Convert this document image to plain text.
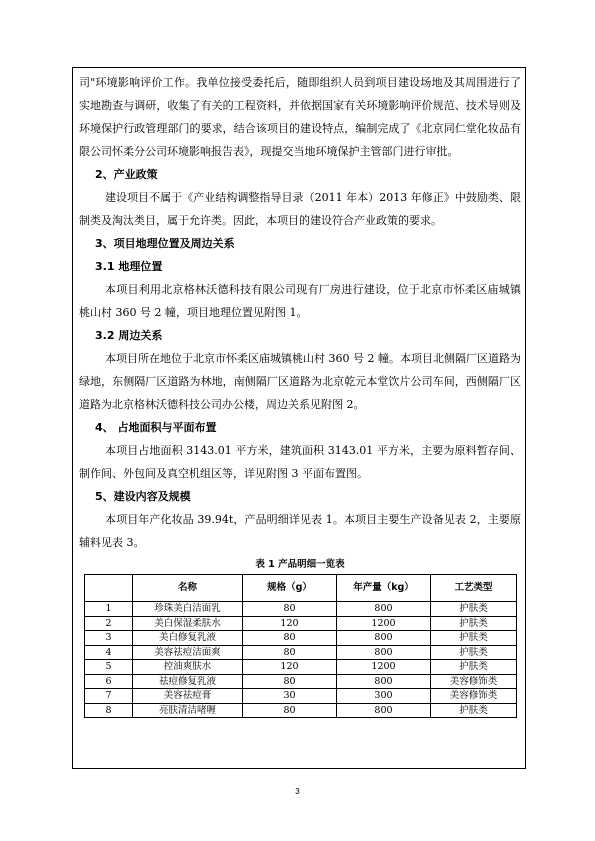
司"环境影响评价工作。我单位接受委托后，随即组织人员到项目建设场地及其周围进行了实地勘查与调研，收集了有关的工程资料，并依据国家有关环境影响评价规范、技术导则及环境保护行政管理部门的要求，结合该项目的建设特点，编制完成了《北京同仁堂化妆品有限公司怀柔分公司环境影响报告表》，现提交当地环境保护主管部门进行审批。

2、产业政策

建设项目不属于《产业结构调整指导目录（2011 年本）2013 年修正》中鼓励类、限制类及淘汰类目，属于允许类。因此，本项目的建设符合产业政策的要求。

3、项目地理位置及周边关系

3.1 地理位置

本项目利用北京格林沃德科技有限公司现有厂房进行建设，位于北京市怀柔区庙城镇桃山村 360 号 2 幢，项目地理位置见附图 1。

3.2 周边关系

本项目所在地位于北京市怀柔区庙城镇桃山村 360 号 2 幢。本项目北侧隔厂区道路为绿地，东侧隔厂区道路为林地，南侧隔厂区道路为北京乾元本堂饮片公司车间，西侧隔厂区道路为北京格林沃德科技公司办公楼，周边关系见附图 2。

4、 占地面积与平面布置

本项目占地面积 3143.01 平方米，建筑面积 3143.01 平方米，主要为原料暂存间、制作间、外包间及真空机组区等，详见附图 3 平面布置图。

5、建设内容及规模

本项目年产化妆品 39.94t，产品明细详见表 1。本项目主要生产设备见表 2，主要原辅料见表 3。

表 1 产品明细一览表
	名称	规格（g）	年产量（kg）	工艺类型
1	珍珠美白洁面乳	80	800	护肤类
2	美白保湿柔肤水	120	1200	护肤类
3	美白修复乳液	80	800	护肤类
4	美容祛痘洁面爽	80	800	护肤类
5	控油爽肤水	120	1200	护肤类
6	祛痘修复乳液	80	800	美容修饰类
7	美容祛痘膏	30	300	美容修饰类
8	亮肤清洁啫喱	80	800	护肤类
3
